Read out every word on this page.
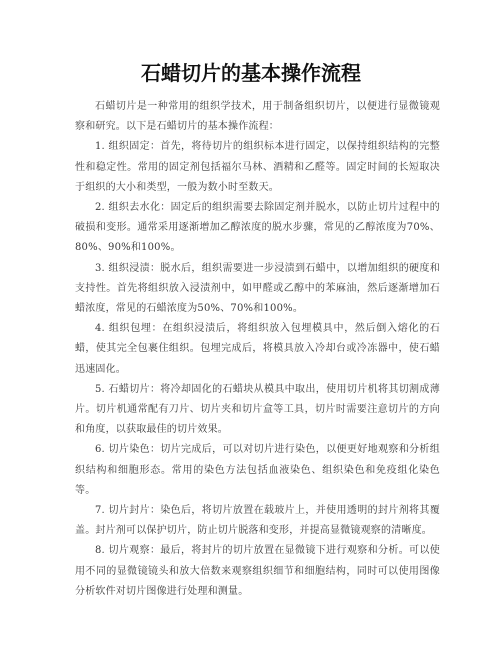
石蜡切片的基本操作流程

石蜡切片是一种常用的组织学技术，用于制备组织切片，以便进行显微镜观察和研究。以下是石蜡切片的基本操作流程：

1. 组织固定：首先，将待切片的组织标本进行固定，以保持组织结构的完整性和稳定性。常用的固定剂包括福尔马林、酒精和乙醛等。固定时间的长短取决于组织的大小和类型，一般为数小时至数天。

2. 组织去水化：固定后的组织需要去除固定剂并脱水，以防止切片过程中的破损和变形。通常采用逐渐增加乙醇浓度的脱水步骤，常见的乙醇浓度为70%、80%、90%和100%。

3. 组织浸渍：脱水后，组织需要进一步浸渍到石蜡中，以增加组织的硬度和支持性。首先将组织放入浸渍剂中，如甲醛或乙醇中的苯麻油，然后逐渐增加石蜡浓度，常见的石蜡浓度为50%、70%和100%。

4. 组织包埋：在组织浸渍后，将组织放入包埋模具中，然后倒入熔化的石蜡，使其完全包裹住组织。包埋完成后，将模具放入冷却台或冷冻器中，使石蜡迅速固化。

5. 石蜡切片：将冷却固化的石蜡块从模具中取出，使用切片机将其切割成薄片。切片机通常配有刀片、切片夹和切片盒等工具，切片时需要注意切片的方向和角度，以获取最佳的切片效果。

6. 切片染色：切片完成后，可以对切片进行染色，以便更好地观察和分析组织结构和细胞形态。常用的染色方法包括血液染色、组织染色和免疫组化染色等。

7. 切片封片：染色后，将切片放置在载玻片上，并使用透明的封片剂将其覆盖。封片剂可以保护切片，防止切片脱落和变形，并提高显微镜观察的清晰度。

8. 切片观察：最后，将封片的切片放置在显微镜下进行观察和分析。可以使用不同的显微镜镜头和放大倍数来观察组织细节和细胞结构，同时可以使用图像分析软件对切片图像进行处理和测量。
